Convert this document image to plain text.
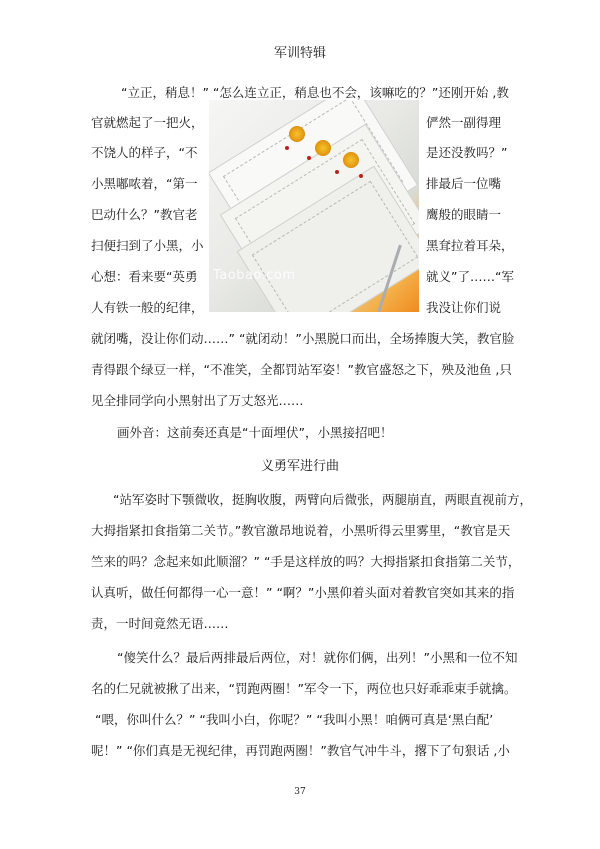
军训特辑

“立正，稍息！” “怎么连立正，稍息也不会，该嘛吃的？”还刚开始 ,教

官就燃起了一把火，	俨然一副得理

不饶人的样子，“不	是还没教吗？”

小黑嘟哝着，“第一	排最后一位嘴

巴动什么？”教官老	鹰般的眼睛一

扫便扫到了小黑，小	黑耷拉着耳朵，

心想：看来要“英勇	就义”了……“军

人有铁一般的纪律，	我没让你们说

就闭嘴，没让你们动……” “就闭动！”小黑脱口而出，全场捧腹大笑，教官脸

青得跟个绿豆一样，“不准笑，全都罚站军姿！”教官盛怒之下，殃及池鱼 ,只

见全排同学向小黑射出了万丈怒光……

画外音：这前奏还真是“十面埋伏”，小黑接招吧！

Taobao.com
义勇军进行曲

“站军姿时下颚微收，挺胸收腹，两臂向后微张，两腿崩直，两眼直视前方，

大拇指紧扣食指第二关节。”教官激昂地说着，小黑听得云里雾里，“教官是天

竺来的吗？念起来如此顺溜？” “手是这样放的吗？大拇指紧扣食指第二关节，

认真听，做任何都得一心一意！” “啊？”小黑仰着头面对着教官突如其来的指

责，一时间竟然无语……

“傻笑什么？最后两排最后两位，对！就你们俩，出列！”小黑和一位不知

名的仁兄就被揪了出来，“罚跑两圈！”军令一下，两位也只好乖乖束手就擒。

“喂，你叫什么？” “我叫小白，你呢？” “我叫小黑！咱俩可真是‘黑白配’

呢！” “你们真是无视纪律，再罚跑两圈！”教官气冲牛斗，撂下了句狠话 ,小

37
